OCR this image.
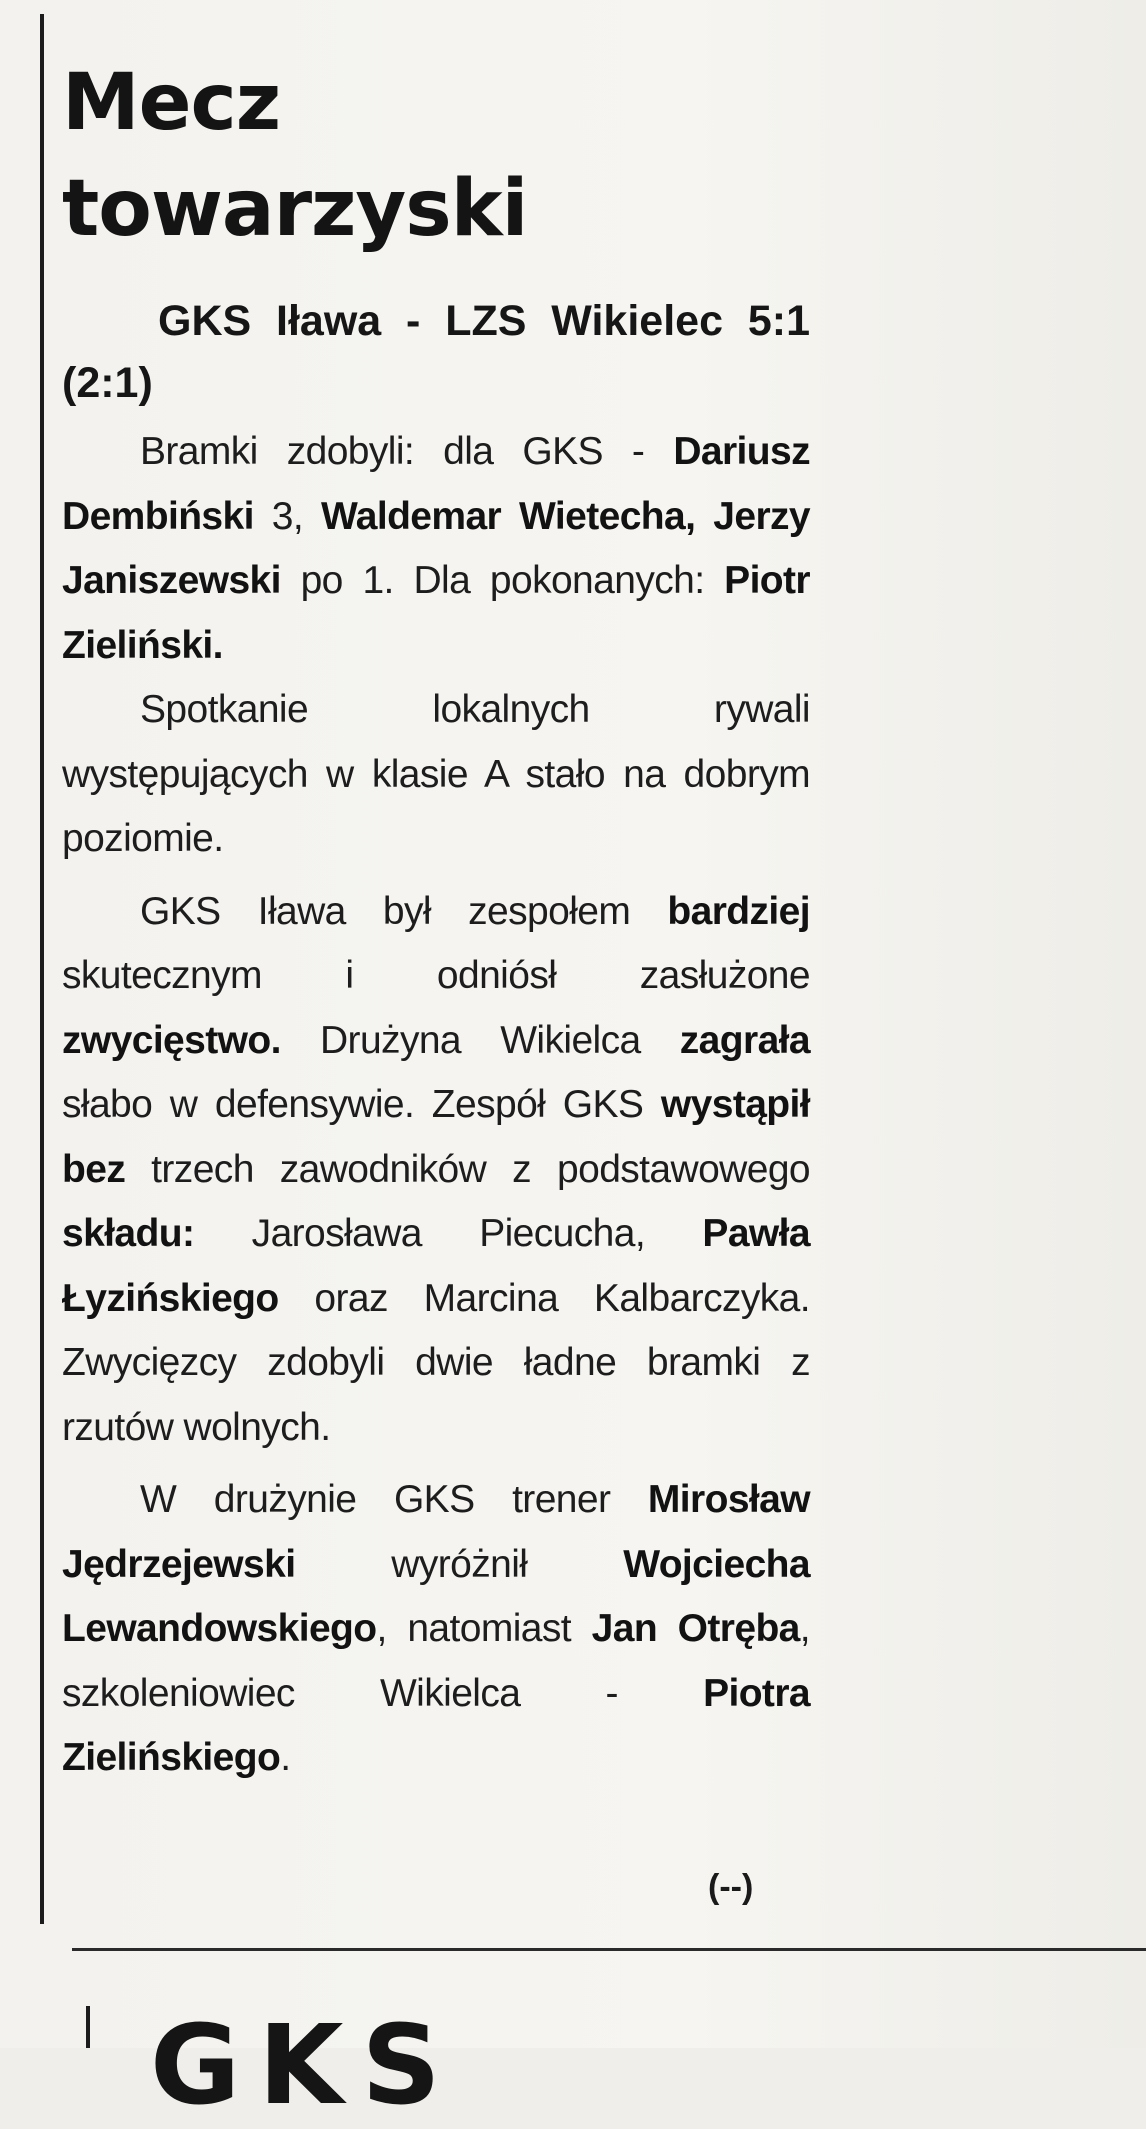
Mecz
towarzyski

GKS Iława - LZS Wikielec 5:1 (2:1)

Bramki zdobyli: dla GKS - Dariusz Dembiński 3, Waldemar Wietecha, Jerzy Janiszewski po 1. Dla pokonanych: Piotr Zieliński.

Spotkanie lokalnych rywali występujących w klasie A stało na dobrym poziomie.

GKS Iława był zespołem bardziej skutecznym i odniósł zasłużone zwycięstwo. Drużyna Wikielca zagrała słabo w defensywie. Zespół GKS wystąpił bez trzech zawodników z podstawowego składu: Jarosława Piecucha, Pawła Łyzińskiego oraz Marcina Kalbarczyka. Zwycięzcy zdobyli dwie ładne bramki z rzutów wolnych.

W drużynie GKS trener Mirosław Jędrzejewski wyróżnił Wojciecha Lewandowskiego, natomiast Jan Otręba, szkoleniowiec Wikielca - Piotra Zielińskiego.

(--)
GKS
